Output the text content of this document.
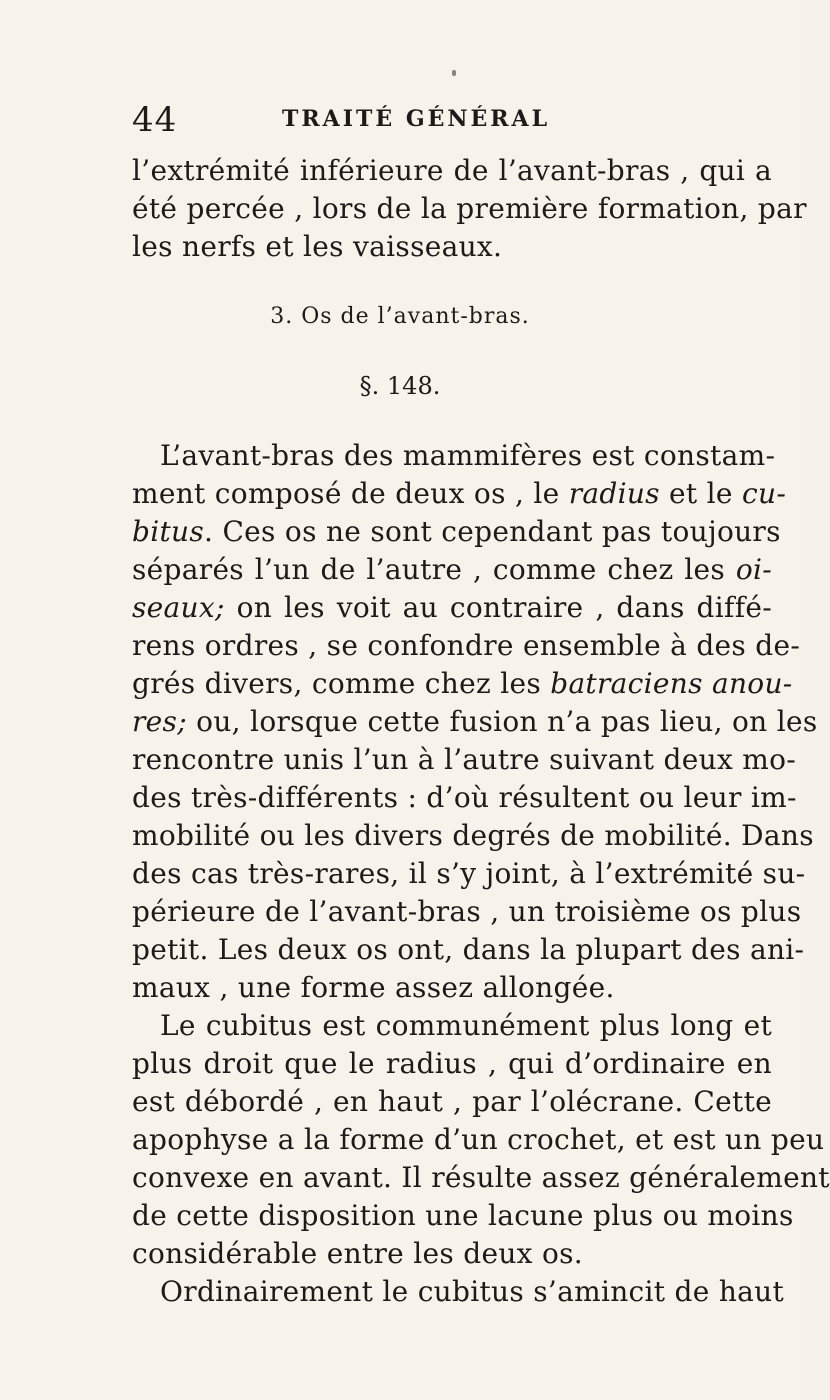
44	TRAITÉ GÉNÉRAL
l’extrémité inférieure de l’avant-bras , qui a
été percée , lors de la première formation, par
les nerfs et les vaisseaux.
3. Os de l’avant-bras.
§. 148.
L’avant-bras des mammifères est constam-
ment composé de deux os , le radius et le cu-
bitus. Ces os ne sont cependant pas toujours
séparés l’un de l’autre , comme chez les oi-
seaux; on les voit au contraire , dans diffé-
rens ordres , se confondre ensemble à des de-
grés divers, comme chez les batraciens anou-
res; ou, lorsque cette fusion n’a pas lieu, on les
rencontre unis l’un à l’autre suivant deux mo-
des très-différents : d’où résultent ou leur im-
mobilité ou les divers degrés de mobilité. Dans
des cas très-rares, il s’y joint, à l’extrémité su-
périeure de l’avant-bras , un troisième os plus
petit. Les deux os ont, dans la plupart des ani-
maux , une forme assez allongée.
Le cubitus est communément plus long et
plus droit que le radius , qui d’ordinaire en
est débordé , en haut , par l’olécrane. Cette
apophyse a la forme d’un crochet, et est un peu
convexe en avant. Il résulte assez généralement
de cette disposition une lacune plus ou moins
considérable entre les deux os.
Ordinairement le cubitus s’amincit de haut
